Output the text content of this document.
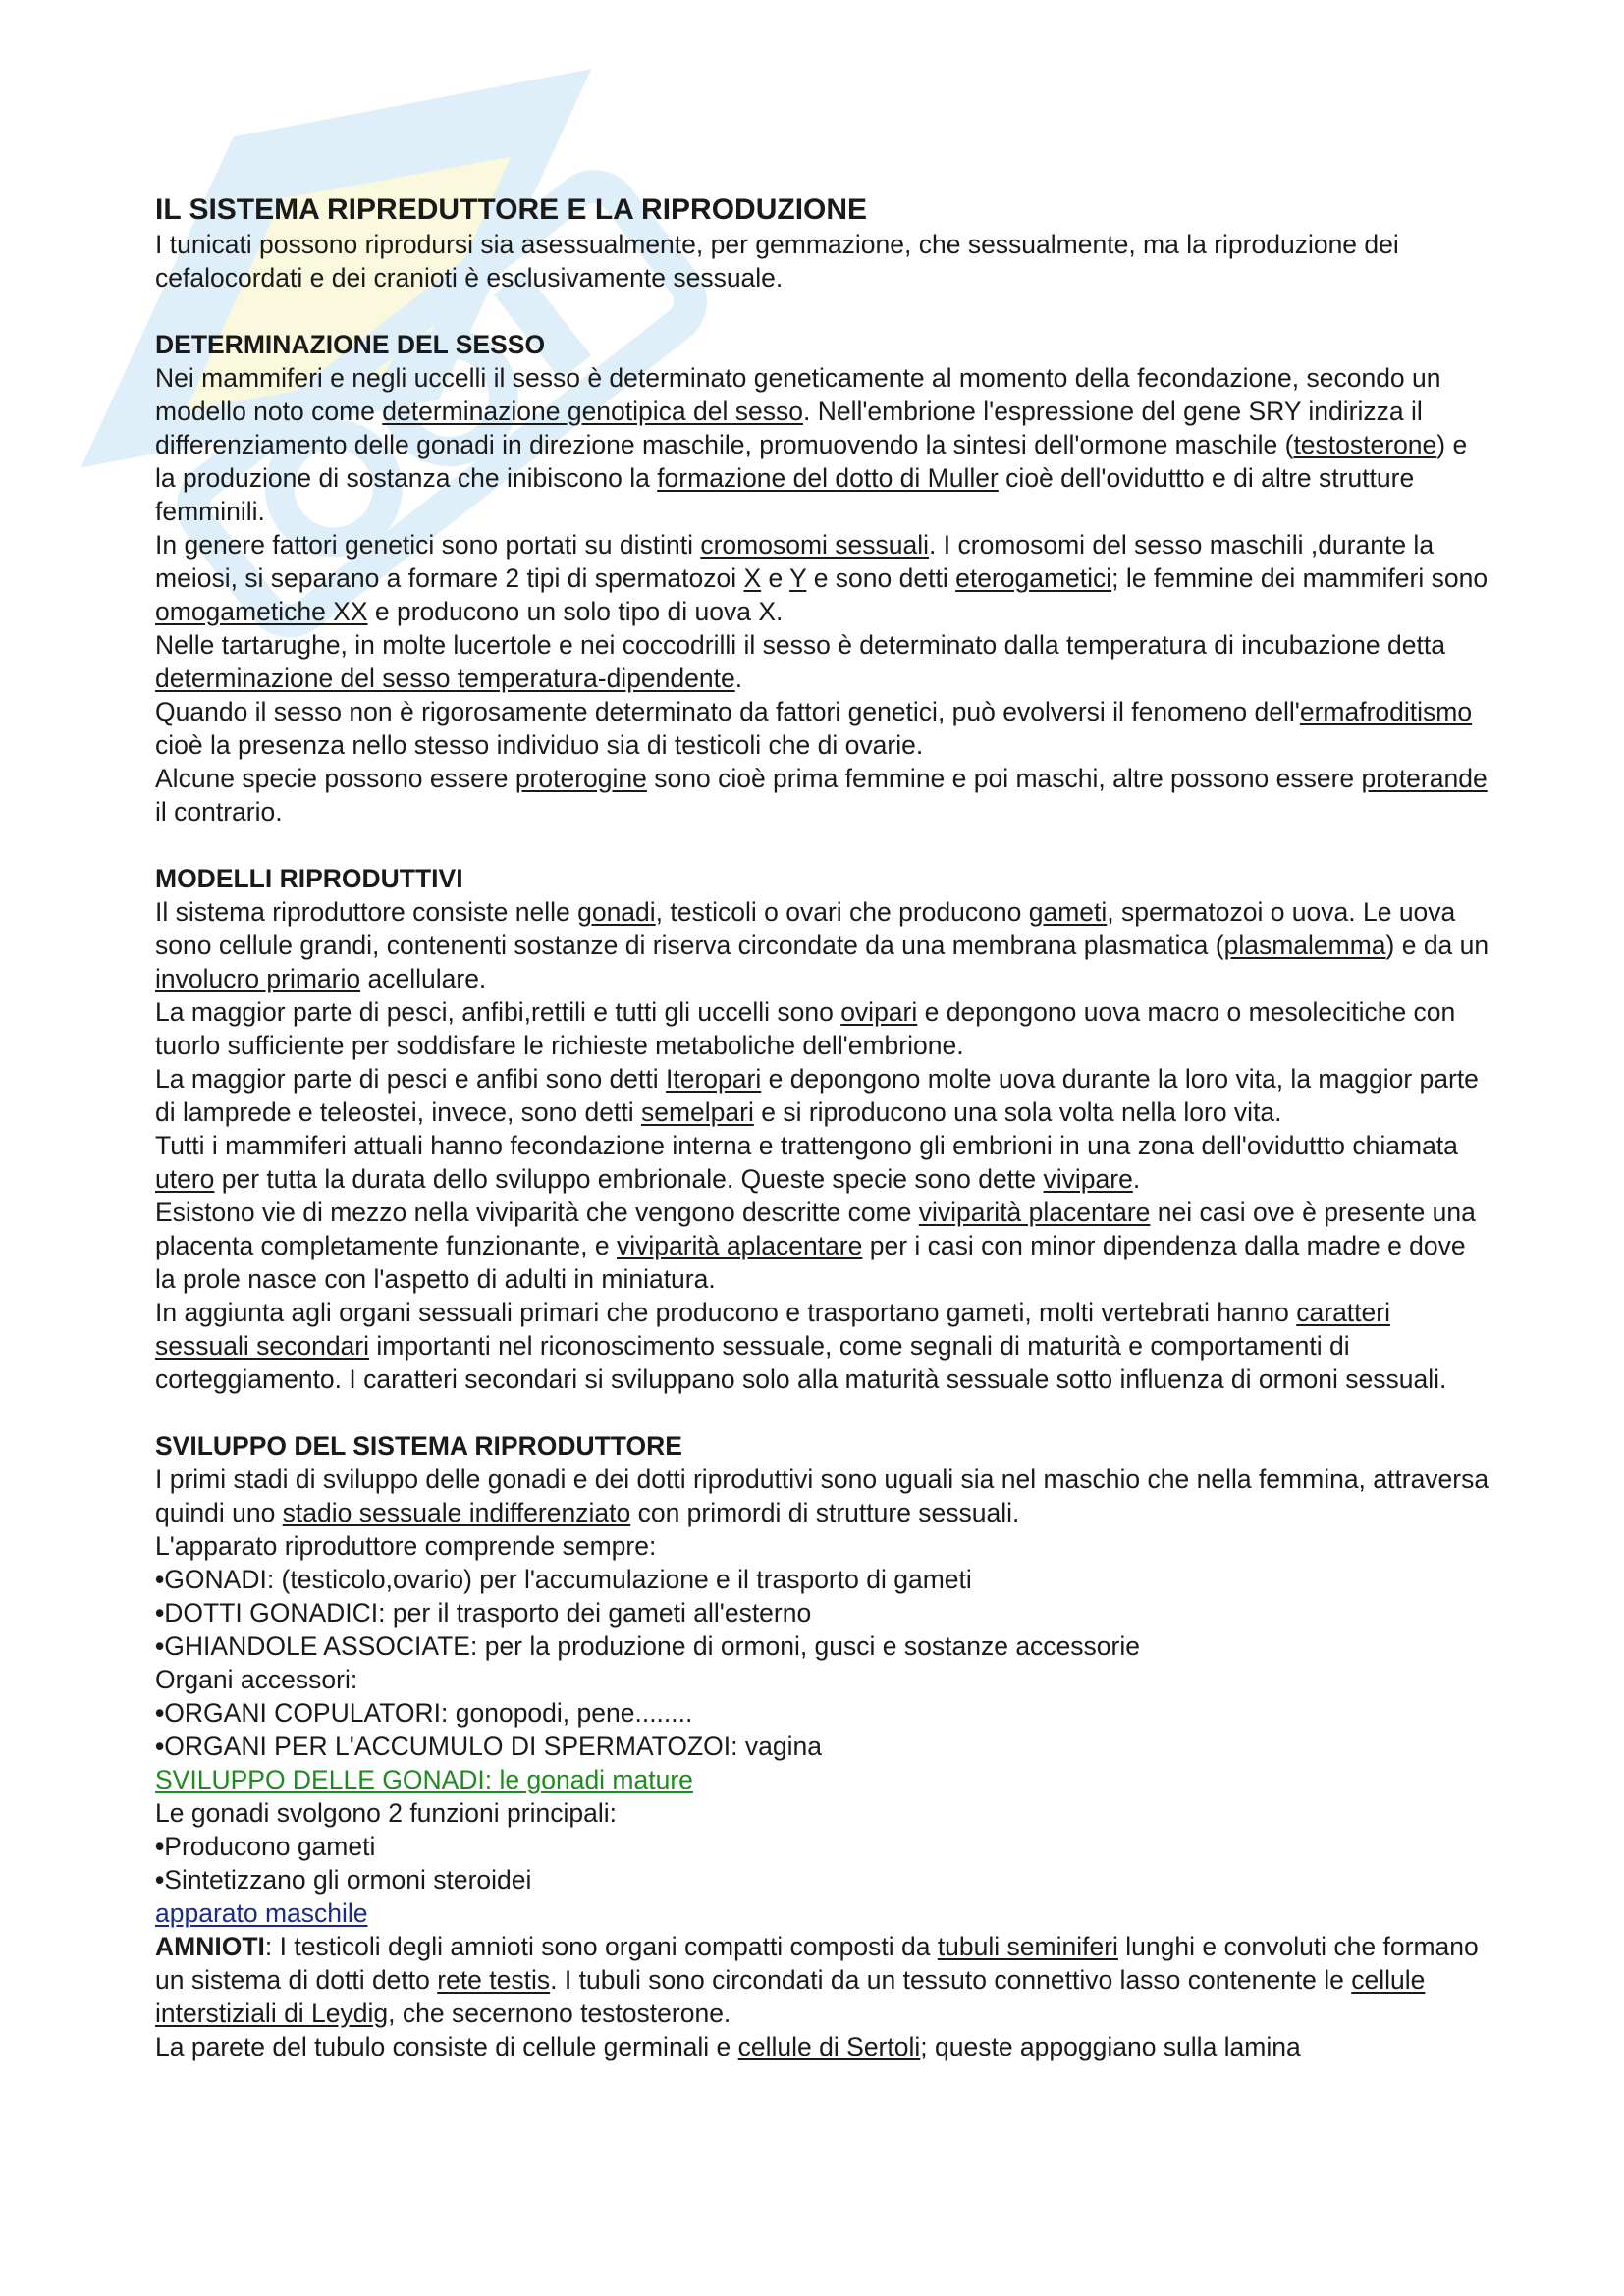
IL SISTEMA RIPREDUTTORE E LA RIPRODUZIONE

I tunicati possono riprodursi sia asessualmente, per gemmazione, che sessualmente, ma la riproduzione dei cefalocordati e dei cranioti è esclusivamente sessuale.

DETERMINAZIONE DEL SESSO

Nei mammiferi e negli uccelli il sesso è determinato geneticamente al momento della fecondazione, secondo un modello noto come determinazione genotipica del sesso. Nell'embrione l'espressione del gene SRY indirizza il differenziamento delle gonadi in direzione maschile, promuovendo la sintesi dell'ormone maschile (testosterone) e la produzione di sostanza che inibiscono la formazione del dotto di Muller cioè dell'oviduttto e di altre strutture femminili.

In genere fattori genetici sono portati su distinti cromosomi sessuali. I cromosomi del sesso maschili ,durante la meiosi, si separano a formare 2 tipi di spermatozoi X e Y e sono detti eterogametici; le femmine dei mammiferi sono omogametiche XX e producono un solo tipo di uova X.

Nelle tartarughe, in molte lucertole e nei coccodrilli il sesso è determinato dalla temperatura di incubazione detta determinazione del sesso temperatura-dipendente.

Quando il sesso non è rigorosamente determinato da fattori genetici, può evolversi il fenomeno dell'ermafroditismo cioè la presenza nello stesso individuo sia di testicoli che di ovarie.

Alcune specie possono essere proterogine sono cioè prima femmine e poi maschi, altre possono essere proterande il contrario.

MODELLI RIPRODUTTIVI

Il sistema riproduttore consiste nelle gonadi, testicoli o ovari che producono gameti, spermatozoi o uova. Le uova sono cellule grandi, contenenti sostanze di riserva circondate da una membrana plasmatica (plasmalemma) e da un involucro primario acellulare.

La maggior parte di pesci, anfibi,rettili e tutti gli uccelli sono ovipari e depongono uova macro o mesolecitiche con tuorlo sufficiente per soddisfare le richieste metaboliche dell'embrione.

La maggior parte di pesci e anfibi sono detti Iteropari e depongono molte uova durante la loro vita, la maggior parte di lamprede e teleostei, invece, sono detti semelpari e si riproducono una sola volta nella loro vita.

Tutti i mammiferi attuali hanno fecondazione interna e trattengono gli embrioni in una zona dell'oviduttto chiamata utero per tutta la durata dello sviluppo embrionale. Queste specie sono dette vivipare.

Esistono vie di mezzo nella viviparità che vengono descritte come viviparità placentare nei casi ove è presente una placenta completamente funzionante, e viviparità aplacentare per i casi con minor dipendenza dalla madre e dove la prole nasce con l'aspetto di adulti in miniatura.

In aggiunta agli organi sessuali primari che producono e trasportano gameti, molti vertebrati hanno caratteri sessuali secondari importanti nel riconoscimento sessuale, come segnali di maturità e comportamenti di corteggiamento. I caratteri secondari si sviluppano solo alla maturità sessuale sotto influenza di ormoni sessuali.

SVILUPPO DEL SISTEMA RIPRODUTTORE

I primi stadi di sviluppo delle gonadi e dei dotti riproduttivi sono uguali sia nel maschio che nella femmina, attraversa quindi uno stadio sessuale indifferenziato con primordi di strutture sessuali.

L'apparato riproduttore comprende sempre:

•GONADI: (testicolo,ovario) per l'accumulazione e il trasporto di gameti
•DOTTI GONADICI: per il trasporto dei gameti all'esterno
•GHIANDOLE ASSOCIATE: per la produzione di ormoni, gusci e sostanze accessorie

Organi accessori:

•ORGANI COPULATORI: gonopodi, pene........
•ORGANI PER L'ACCUMULO DI SPERMATOZOI: vagina

SVILUPPO DELLE GONADI: le gonadi mature

Le gonadi svolgono 2 funzioni principali:

•Producono gameti
•Sintetizzano gli ormoni steroidei

apparato maschile

AMNIOTI: I testicoli degli amnioti sono organi compatti composti da tubuli seminiferi lunghi e convoluti che formano un sistema di dotti detto rete testis. I tubuli sono circondati da un tessuto connettivo lasso contenente le cellule interstiziali di Leydig, che secernono testosterone.

La parete del tubulo consiste di cellule germinali e cellule di Sertoli; queste appoggiano sulla lamina
